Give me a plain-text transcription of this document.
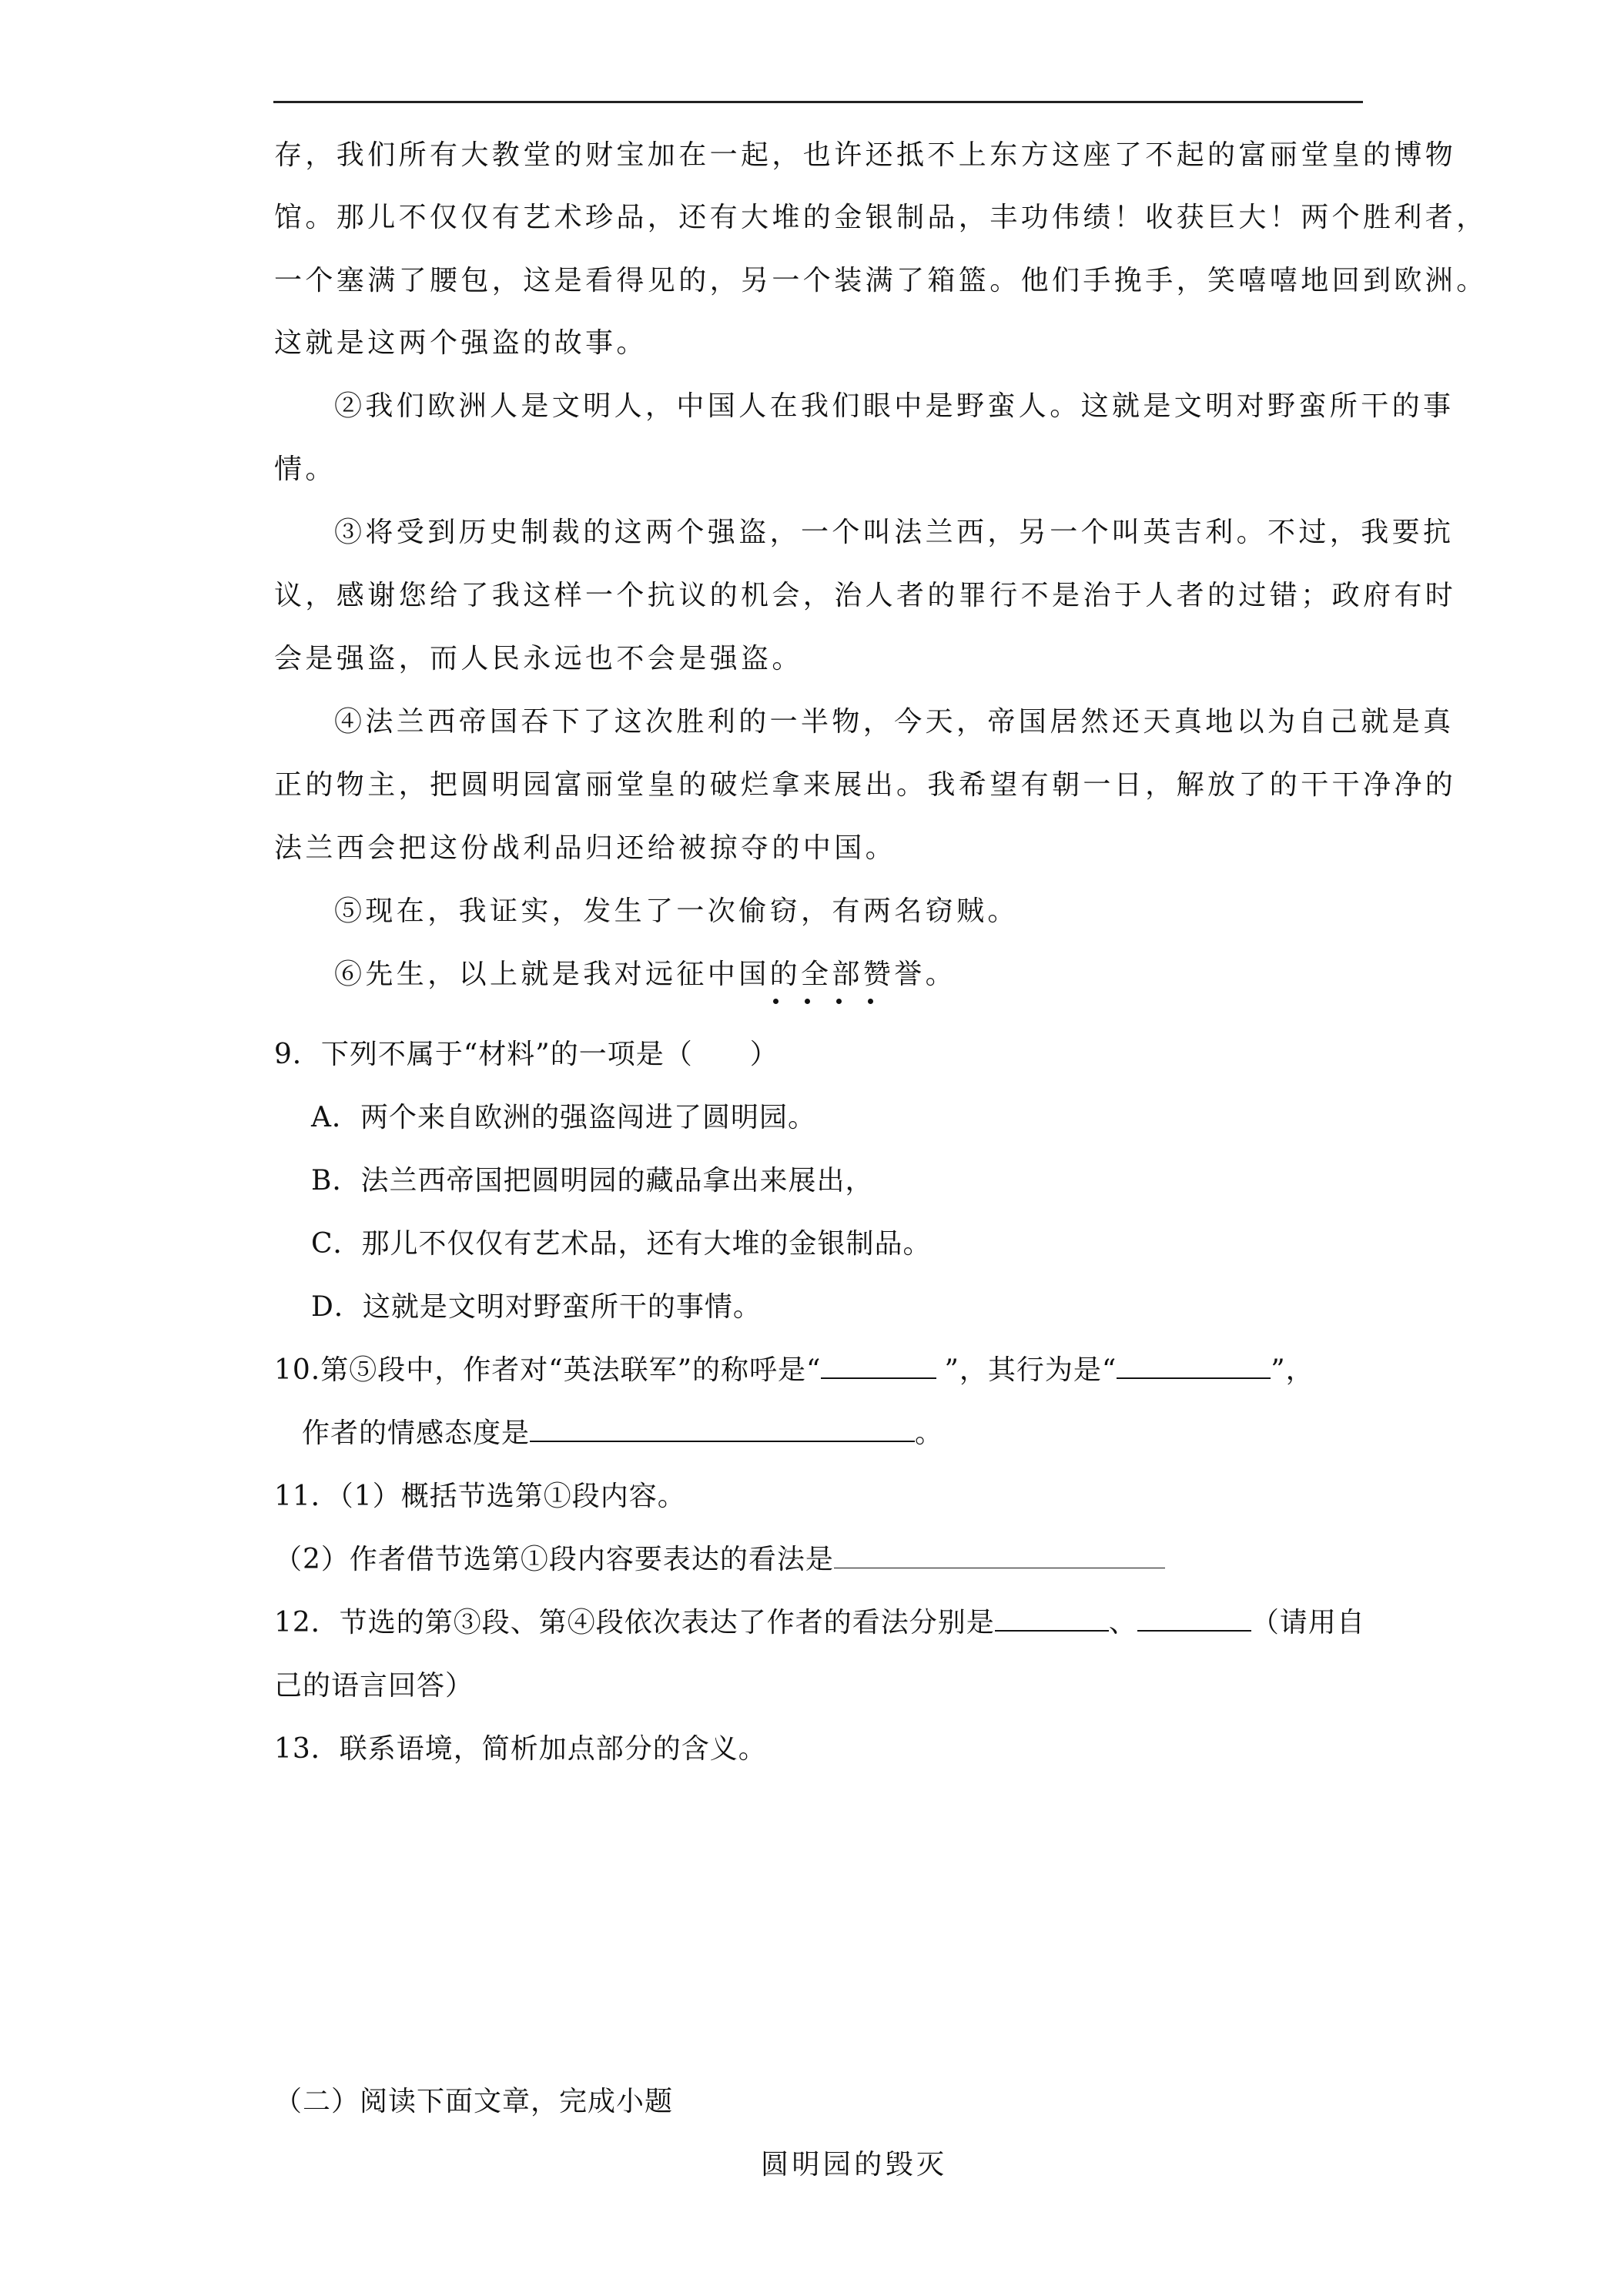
存，我们所有大教堂的财宝加在一起，也许还抵不上东方这座了不起的富丽堂皇的博物
馆。那儿不仅仅有艺术珍品，还有大堆的金银制品，丰功伟绩！收获巨大！两个胜利者，
一个塞满了腰包，这是看得见的，另一个装满了箱篮。他们手挽手，笑嘻嘻地回到欧洲。
这就是这两个强盗的故事。
②我们欧洲人是文明人，中国人在我们眼中是野蛮人。这就是文明对野蛮所干的事
情。
③将受到历史制裁的这两个强盗，一个叫法兰西，另一个叫英吉利。不过，我要抗
议，感谢您给了我这样一个抗议的机会，治人者的罪行不是治于人者的过错；政府有时
会是强盗，而人民永远也不会是强盗。
④法兰西帝国吞下了这次胜利的一半物，今天，帝国居然还天真地以为自己就是真
正的物主，把圆明园富丽堂皇的破烂拿来展出。我希望有朝一日，解放了的干干净净的
法兰西会把这份战利品归还给被掠夺的中国。
⑤现在，我证实，发生了一次偷窃，有两名窃贼。
⑥先生，以上就是我对远征中国的全部赞誉。
9．下列不属于“材料”的一项是（　　）
A．两个来自欧洲的强盗闯进了圆明园。
B．法兰西帝国把圆明园的藏品拿出来展出，
C．那儿不仅仅有艺术品，还有大堆的金银制品。
D．这就是文明对野蛮所干的事情。
10.第⑤段中，作者对“英法联军”的称呼是“	”，其行为是“	”，
作者的情感态度是	。
11．（1）概括节选第①段内容。
（2）作者借节选第①段内容要表达的看法是
12．节选的第③段、第④段依次表达了作者的看法分别是	、	（请用自
己的语言回答）
13．联系语境，简析加点部分的含义。
（二）阅读下面文章，完成小题
圆明园的毁灭
